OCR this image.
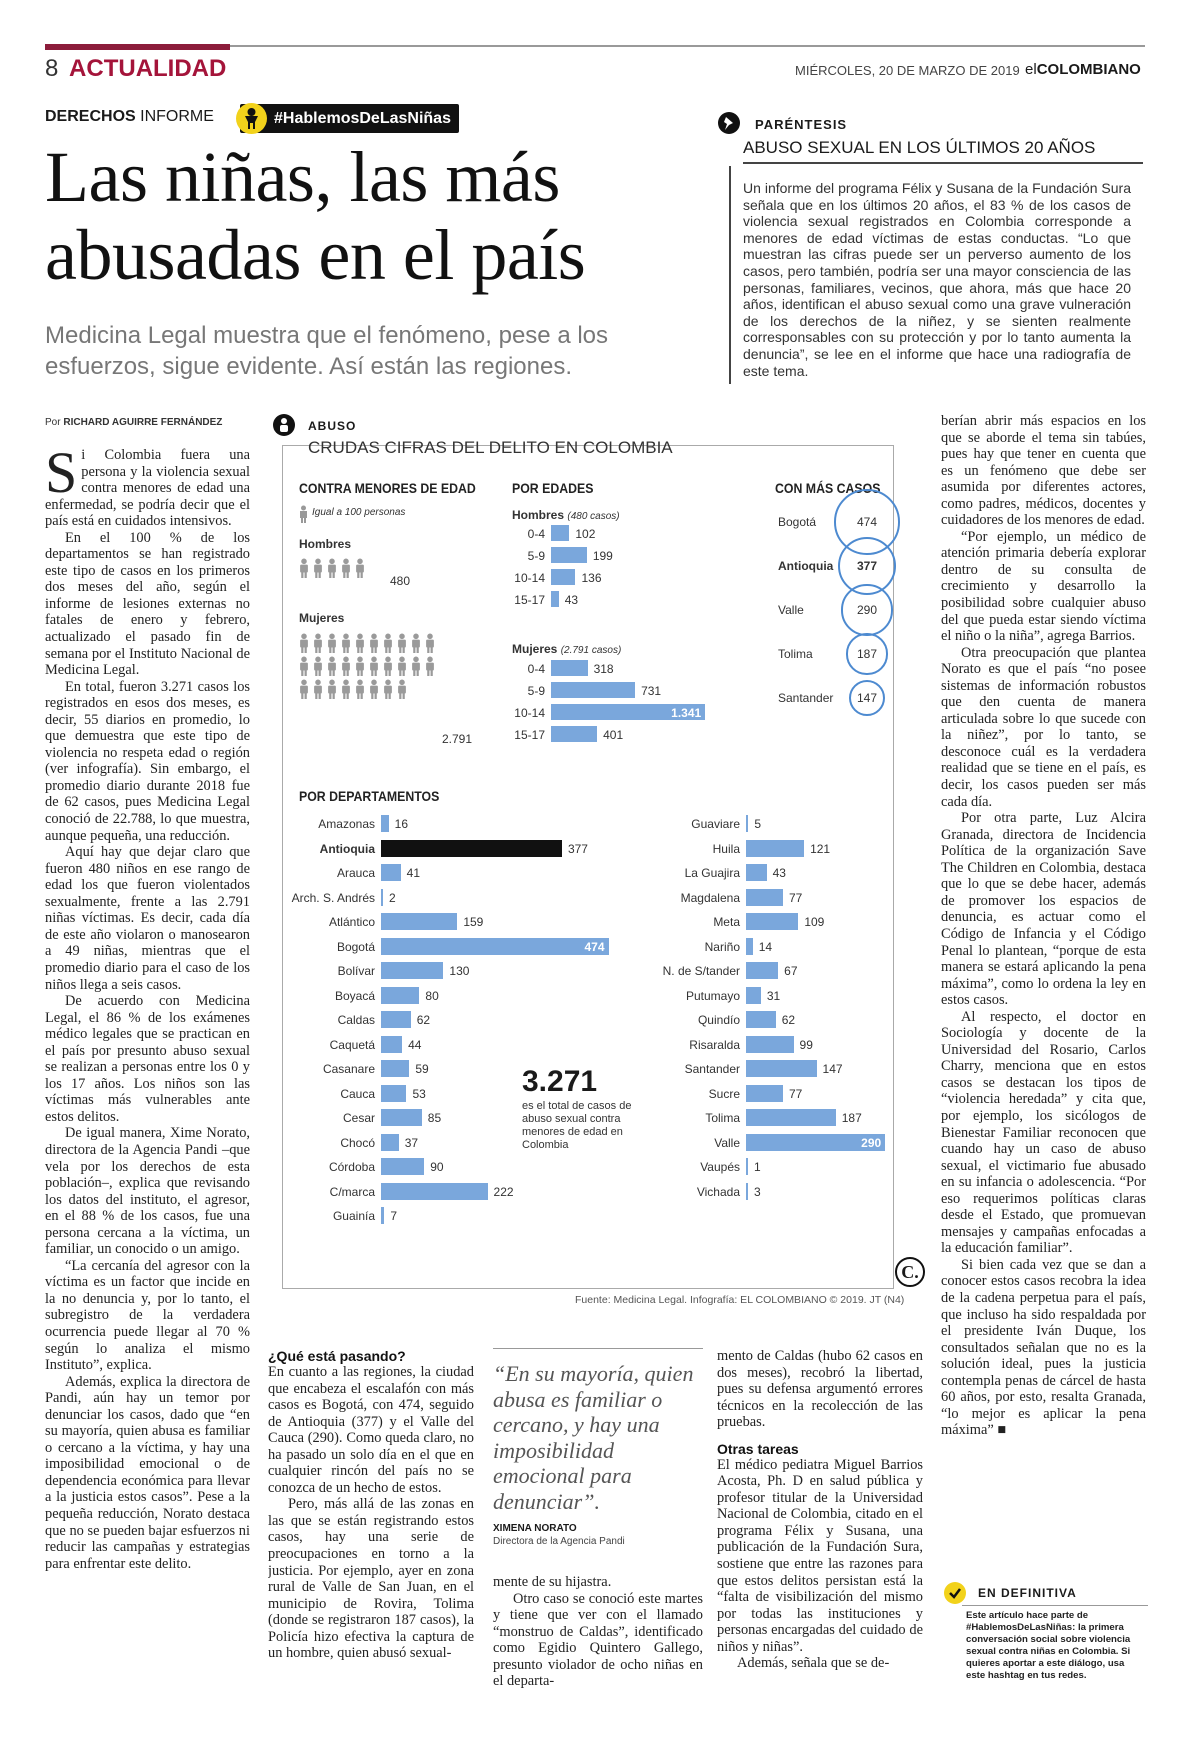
8 ACTUALIDAD	MIÉRCOLES, 20 DE MARZO DE 2019 elCOLOMBIANO
DERECHOS INFORME	#HablemosDeLasNiñas
Las niñas, las más abusadas en el país
Medicina Legal muestra que el fenómeno, pese a los esfuerzos, sigue evidente. Así están las regiones.
PARÉNTESIS
ABUSO SEXUAL EN LOS ÚLTIMOS 20 AÑOS
Un informe del programa Félix y Susana de la Fundación Sura señala que en los últimos 20 años, el 83 % de los casos de violencia sexual registrados en Colombia corresponde a menores de edad víctimas de estas conductas. “Lo que muestran las cifras puede ser un perverso aumento de los casos, pero también, podría ser una mayor consciencia de las personas, familiares, vecinos, que ahora, más que hace 20 años, identifican el abuso sexual como una grave vulneración de los derechos de la niñez, y se sienten realmente corresponsables con su protección y por lo tanto aumenta la denuncia”, se lee en el informe que hace una radiografía de este tema.
Por RICHARD AGUIRRE FERNÁNDEZ

Si Colombia fuera una persona y la violencia sexual contra menores de edad una enfermedad, se podría decir que el país está en cuidados intensivos.

En el 100 % de los departamentos se han registrado este tipo de casos en los primeros dos meses del año, según el informe de lesiones externas no fatales de enero y febrero, actualizado el pasado fin de semana por el Instituto Nacional de Medicina Legal.

En total, fueron 3.271 casos los registrados en esos dos meses, es decir, 55 diarios en promedio, lo que demuestra que este tipo de violencia no respeta edad o región (ver infografía). Sin embargo, el promedio diario durante 2018 fue de 62 casos, pues Medicina Legal conoció de 22.788, lo que muestra, aunque pequeña, una reducción.

Aquí hay que dejar claro que fueron 480 niños en ese rango de edad los que fueron violentados sexualmente, frente a las 2.791 niñas víctimas. Es decir, cada día de este año violaron o manosearon a 49 niñas, mientras que el promedio diario para el caso de los niños llega a seis casos.

De acuerdo con Medicina Legal, el 86 % de los exámenes médico legales que se practican en el país por presunto abuso sexual se realizan a personas entre los 0 y los 17 años. Los niños son las víctimas más vulnerables ante estos delitos.

De igual manera, Xime Norato, directora de la Agencia Pandi –que vela por los derechos de esta población–, explica que revisando los datos del instituto, el agresor, en el 88 % de los casos, fue una persona cercana a la víctima, un familiar, un conocido o un amigo.

“La cercanía del agresor con la víctima es un factor que incide en la no denuncia y, por lo tanto, el subregistro de la verdadera ocurrencia puede llegar al 70 % según lo analiza el mismo Instituto”, explica.

Además, explica la directora de Pandi, aún hay un temor por denunciar los casos, dado que “en su mayoría, quien abusa es familiar o cercano a la víctima, y hay una imposibilidad emocional o de dependencia económica para llevar a la justicia estos casos”. Pese a la pequeña reducción, Norato destaca que no se pueden bajar esfuerzos ni reducir las campañas y estrategias para enfrentar este delito.

ABUSO
CRUDAS CIFRAS DEL DELITO EN COLOMBIA
CONTRA MENORES DE EDAD
Igual a 100 personas
Hombres
480
Mujeres
2.791
POR EDADES
Hombres (480 casos)
Mujeres (2.791 casos)
0-4	102
5-9	199
10-14	136
15-17 43
0-4	318
5-9	731
10-14	1.341
15-17	401
CON MÁS CASOS
Bogotá	474
Antioquia	377
Valle	290
Tolima	187
Santander	147
POR DEPARTAMENTOS
Amazonas 16
Antioquia	377
Arauca	41
Arch. S. Andrés 2
Atlántico	159
Bogotá	474
Bolívar	130
Boyacá	80
Caldas	62
Caquetá	44
Casanare	59
Cauca	53
Cesar	85
Chocó 37
Córdoba	90
C/marca	222
Guainía 7
Guaviare 5
Huila	121
La Guajira	43
Magdalena	77
Meta	109
Nariño 14
N. de S/tander	67
Putumayo 31
Quindío	62
Risaralda	99
Santander	147
Sucre	77
Tolima	187
Valle	290
Vaupés 1
Vichada 3
3.271
es el total de casos de abuso sexual contra menores de edad en Colombia
C.
Fuente: Medicina Legal. Infografía: EL COLOMBIANO © 2019. JT (N4)
¿Qué está pasando?

En cuanto a las regiones, la ciudad que encabeza el escalafón con más casos es Bogotá, con 474, seguido de Antioquia (377) y el Valle del Cauca (290). Como queda claro, no ha pasado un solo día en el que en cualquier rincón del país no se conozca de un hecho de estos.

Pero, más allá de las zonas en las que se están registrando estos casos, hay una serie de preocupaciones en torno a la justicia. Por ejemplo, ayer en zona rural de Valle de San Juan, en el municipio de Rovira, Tolima (donde se registraron 187 casos), la Policía hizo efectiva la captura de un hombre, quien abusó sexual-

“En su mayoría, quien abusa es familiar o cercano, y hay una imposibilidad emocional para denunciar”.
XIMENA NORATO
Directora de la Agencia Pandi

mente de su hijastra.

Otro caso se conoció este martes y tiene que ver con el llamado “monstruo de Caldas”, identificado como Egidio Quintero Gallego, presunto violador de ocho niñas en el departa-

mento de Caldas (hubo 62 casos en dos meses), recobró la libertad, pues su defensa argumentó errores técnicos en la recolección de las pruebas.

Otras tareas

El médico pediatra Miguel Barrios Acosta, Ph. D en salud pública y profesor titular de la Universidad Nacional de Colombia, citado en el programa Félix y Susana, una publicación de la Fundación Sura, sostiene que entre las razones para que estos delitos persistan está la “falta de visibilización del mismo por todas las instituciones y personas encargadas del cuidado de niños y niñas”.

Además, señala que se de-

berían abrir más espacios en los que se aborde el tema sin tabúes, pues hay que tener en cuenta que es un fenómeno que debe ser asumida por diferentes actores, como padres, médicos, docentes y cuidadores de los menores de edad.

“Por ejemplo, un médico de atención primaria debería explorar dentro de su consulta de crecimiento y desarrollo la posibilidad sobre cualquier abuso del que pueda estar siendo víctima el niño o la niña”, agrega Barrios.

Otra preocupación que plantea Norato es que el país “no posee sistemas de información robustos que den cuenta de manera articulada sobre lo que sucede con la niñez”, por lo tanto, se desconoce cuál es la verdadera realidad que se tiene en el país, es decir, los casos pueden ser más cada día.

Por otra parte, Luz Alcira Granada, directora de Incidencia Política de la organización Save The Children en Colombia, destaca que lo que se debe hacer, además de promover los espacios de denuncia, es actuar como el Código de Infancia y el Código Penal lo plantean, “porque de esta manera se estará aplicando la pena máxima”, como lo ordena la ley en estos casos.

Al respecto, el doctor en Sociología y docente de la Universidad del Rosario, Carlos Charry, menciona que en estos casos se destacan los tipos de “violencia heredada” y cita que, por ejemplo, los sicólogos de Bienestar Familiar reconocen que cuando hay un caso de abuso sexual, el victimario fue abusado en su infancia o adolescencia. “Por eso requerimos políticas claras desde el Estado, que promuevan mensajes y campañas enfocadas a la educación familiar”.

Si bien cada vez que se dan a conocer estos casos recobra la idea de la cadena perpetua para el país, que incluso ha sido respaldada por el presidente Iván Duque, los consultados señalan que no es la solución ideal, pues la justicia contempla penas de cárcel de hasta 60 años, por esto, resalta Granada, “lo mejor es aplicar la pena máxima” ■

EN DEFINITIVA
Este artículo hace parte de #HablemosDeLasNiñas: la primera conversación social sobre violencia sexual contra niñas en Colombia. Si quieres aportar a este diálogo, usa este hashtag en tus redes.
